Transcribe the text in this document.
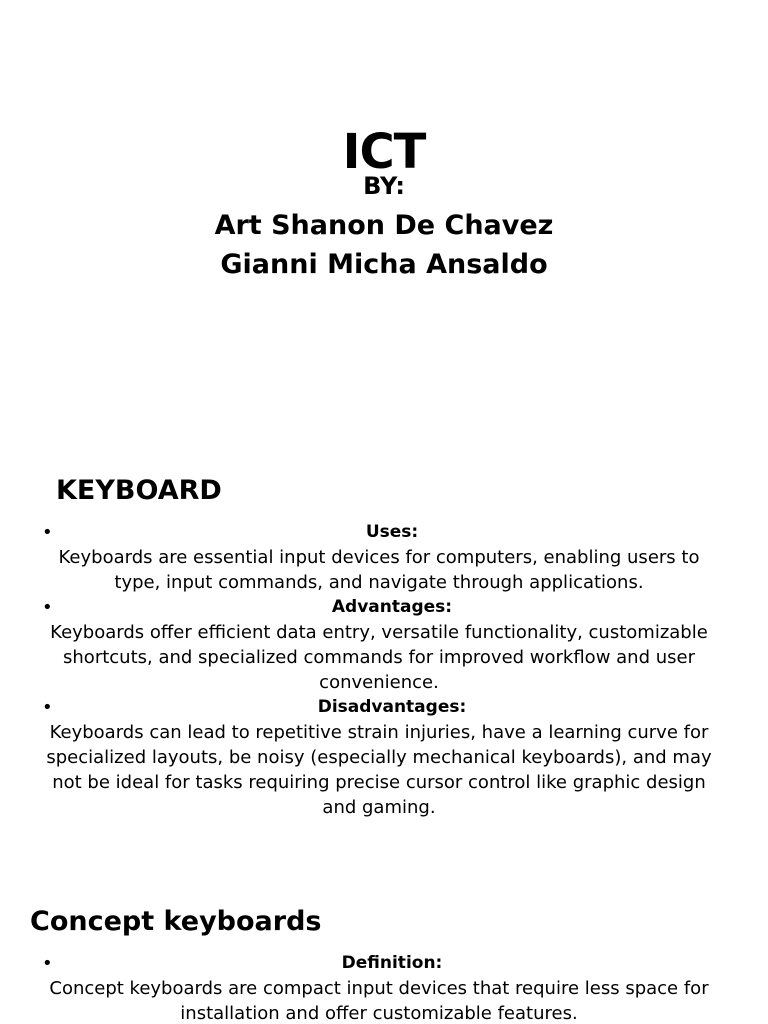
ICT

BY:

Art Shanon De Chavez

Gianni Micha Ansaldo

KEYBOARD
•	Uses:
Keyboards are essential input devices for computers, enabling users to type, input commands, and navigate through applications.
•	Advantages:
Keyboards offer efficient data entry, versatile functionality, customizable shortcuts, and specialized commands for improved workflow and user convenience.
•	Disadvantages:
Keyboards can lead to repetitive strain injuries, have a learning curve for specialized layouts, be noisy (especially mechanical keyboards), and may not be ideal for tasks requiring precise cursor control like graphic design and gaming.
Concept keyboards
•	Definition:
Concept keyboards are compact input devices that require less space for installation and offer customizable features.
